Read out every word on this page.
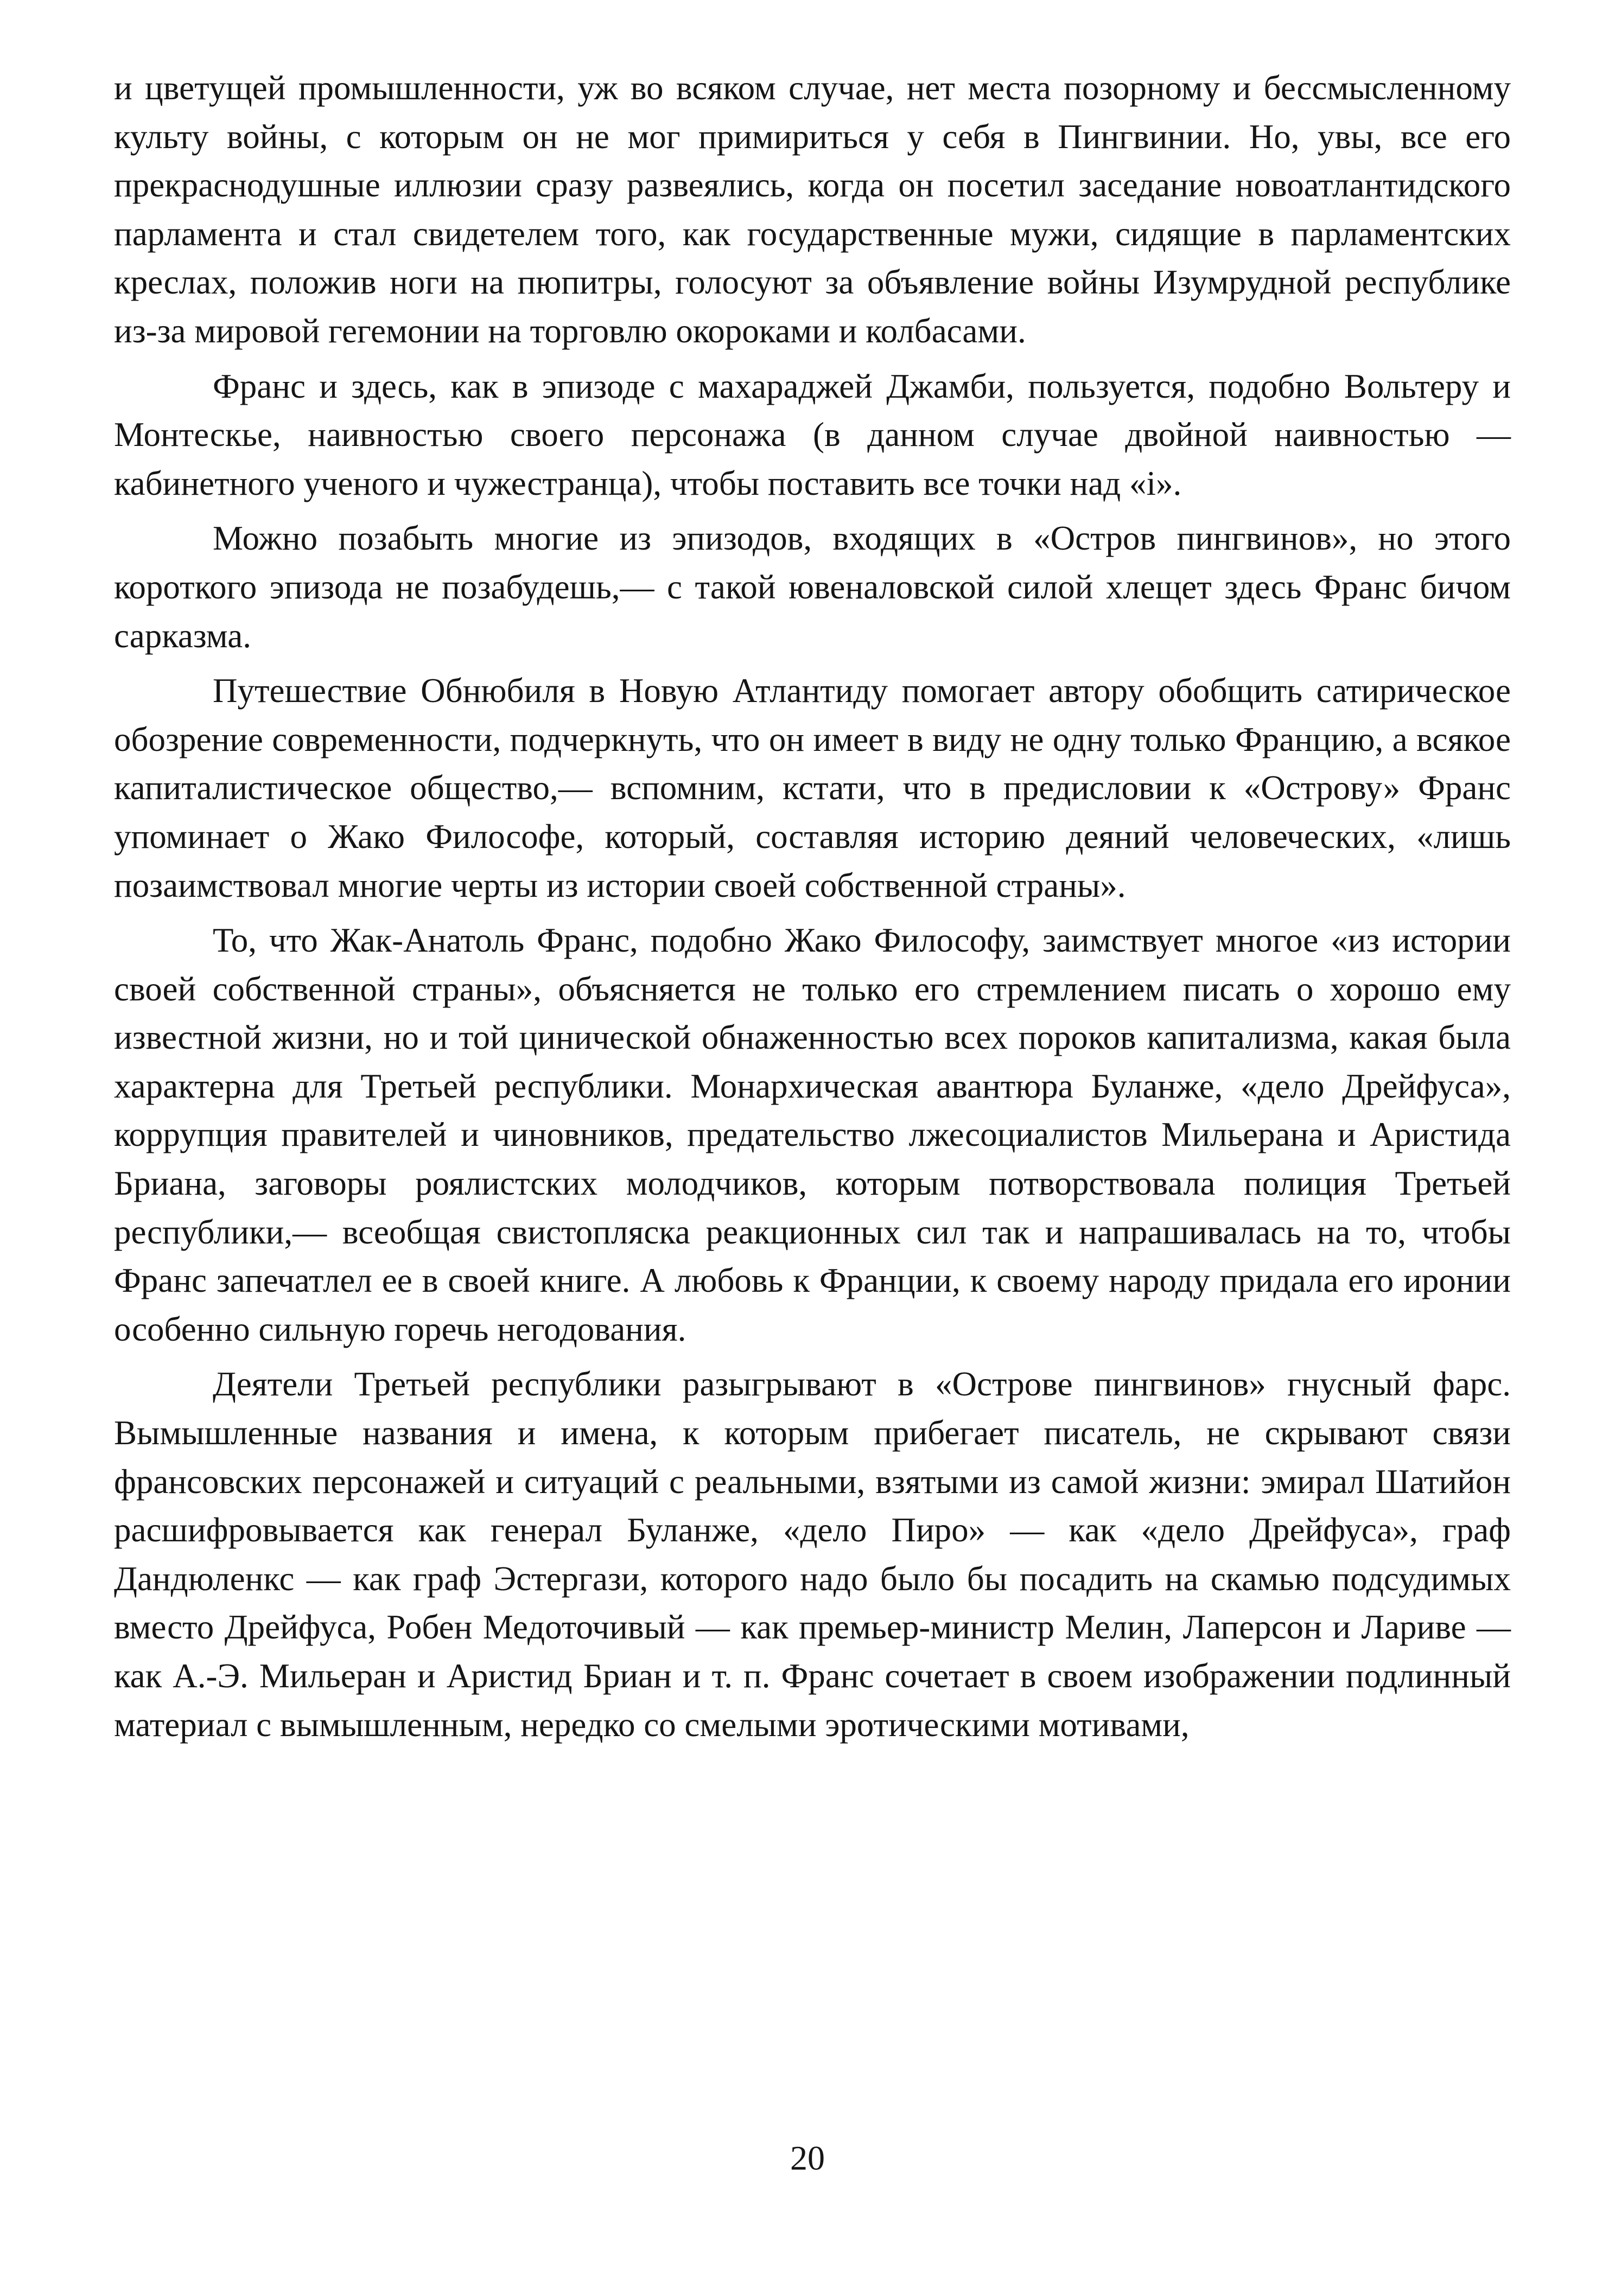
и цветущей промышленности, уж во всяком случае, нет места позорному и бессмысленному культу войны, с которым он не мог примириться у себя в Пингвинии. Но, увы, все его прекраснодушные иллюзии сразу развеялись, когда он посетил заседание новоатлантидского парламента и стал свидетелем того, как государственные мужи, сидящие в парламентских креслах, положив ноги на пюпитры, голосуют за объявление войны Изумрудной республике из-за мировой гегемонии на торговлю окороками и колбасами.

Франс и здесь, как в эпизоде с махараджей Джамби, пользуется, подобно Вольтеру и Монтескье, наивностью своего персонажа (в данном случае двойной наивностью — кабинетного ученого и чужестранца), чтобы поставить все точки над «і».

Можно позабыть многие из эпизодов, входящих в «Остров пингвинов», но этого короткого эпизода не позабудешь,— с такой ювеналовской силой хлещет здесь Франс бичом сарказма.

Путешествие Обнюбиля в Новую Атлантиду помогает автору обобщить сатирическое обозрение современности, подчеркнуть, что он имеет в виду не одну только Францию, а всякое капиталистическое общество,— вспомним, кстати, что в предисловии к «Острову» Франс упоминает о Жако Философе, который, составляя историю деяний человеческих, «лишь позаимствовал многие черты из истории своей собственной страны».

То, что Жак-Анатоль Франс, подобно Жако Философу, заимствует многое «из истории своей собственной страны», объясняется не только его стремлением писать о хорошо ему известной жизни, но и той цинической обнаженностью всех пороков капитализма, какая была характерна для Третьей республики. Монархическая авантюра Буланже, «дело Дрейфуса», коррупция правителей и чиновников, предательство лжесоциалистов Мильерана и Аристида Бриана, заговоры роялистских молодчиков, которым потворствовала полиция Третьей республики,— всеобщая свистопляска реакционных сил так и напрашивалась на то, чтобы Франс запечатлел ее в своей книге. А любовь к Франции, к своему народу придала его иронии особенно сильную горечь негодования.

Деятели Третьей республики разыгрывают в «Острове пингвинов» гнусный фарс. Вымышленные названия и имена, к которым прибегает писатель, не скрывают связи франсовских персонажей и ситуаций с реальными, взятыми из самой жизни: эмирал Шатийон расшифровывается как генерал Буланже, «дело Пиро» — как «дело Дрейфуса», граф Дандюленкс — как граф Эстергази, которого надо было бы посадить на скамью подсудимых вместо Дрейфуса, Робен Медоточивый — как премьер-министр Мелин, Лаперсон и Лариве — как А.-Э. Мильеран и Аристид Бриан и т. п. Франс сочетает в своем изображении подлинный материал с вымышленным, нередко со смелыми эротическими мотивами,

20
